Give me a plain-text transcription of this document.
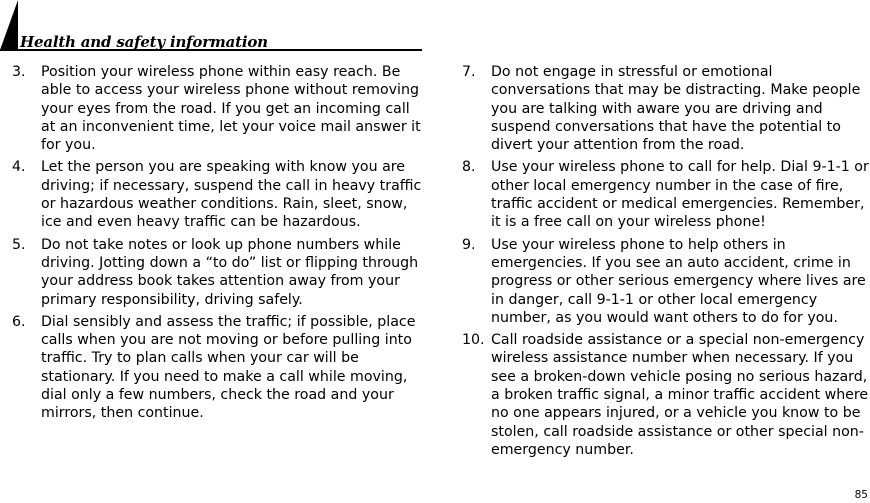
Health and safety information
3.	Position your wireless phone within easy reach. Be able to access your wireless phone without removing your eyes from the road. If you get an incoming call at an inconvenient time, let your voice mail answer it for you.
4.	Let the person you are speaking with know you are driving; if necessary, suspend the call in heavy traffic or hazardous weather conditions. Rain, sleet, snow, ice and even heavy traffic can be hazardous.
5.	Do not take notes or look up phone numbers while driving. Jotting down a “to do” list or flipping through your address book takes attention away from your primary responsibility, driving safely.
6.	Dial sensibly and assess the traffic; if possible, place calls when you are not moving or before pulling into traffic. Try to plan calls when your car will be stationary. If you need to make a call while moving, dial only a few numbers, check the road and your mirrors, then continue.
7.	Do not engage in stressful or emotional conversations that may be distracting. Make people you are talking with aware you are driving and suspend conversations that have the potential to divert your attention from the road.
8.	Use your wireless phone to call for help. Dial 9-1-1 or other local emergency number in the case of fire, traffic accident or medical emergencies. Remember, it is a free call on your wireless phone!
9.	Use your wireless phone to help others in emergencies. If you see an auto accident, crime in progress or other serious emergency where lives are in danger, call 9-1-1 or other local emergency number, as you would want others to do for you.
10. Call roadside assistance or a special non-emergency wireless assistance number when necessary. If you see a broken-down vehicle posing no serious hazard, a broken traffic signal, a minor traffic accident where no one appears injured, or a vehicle you know to be stolen, call roadside assistance or other special non-emergency number.
85
